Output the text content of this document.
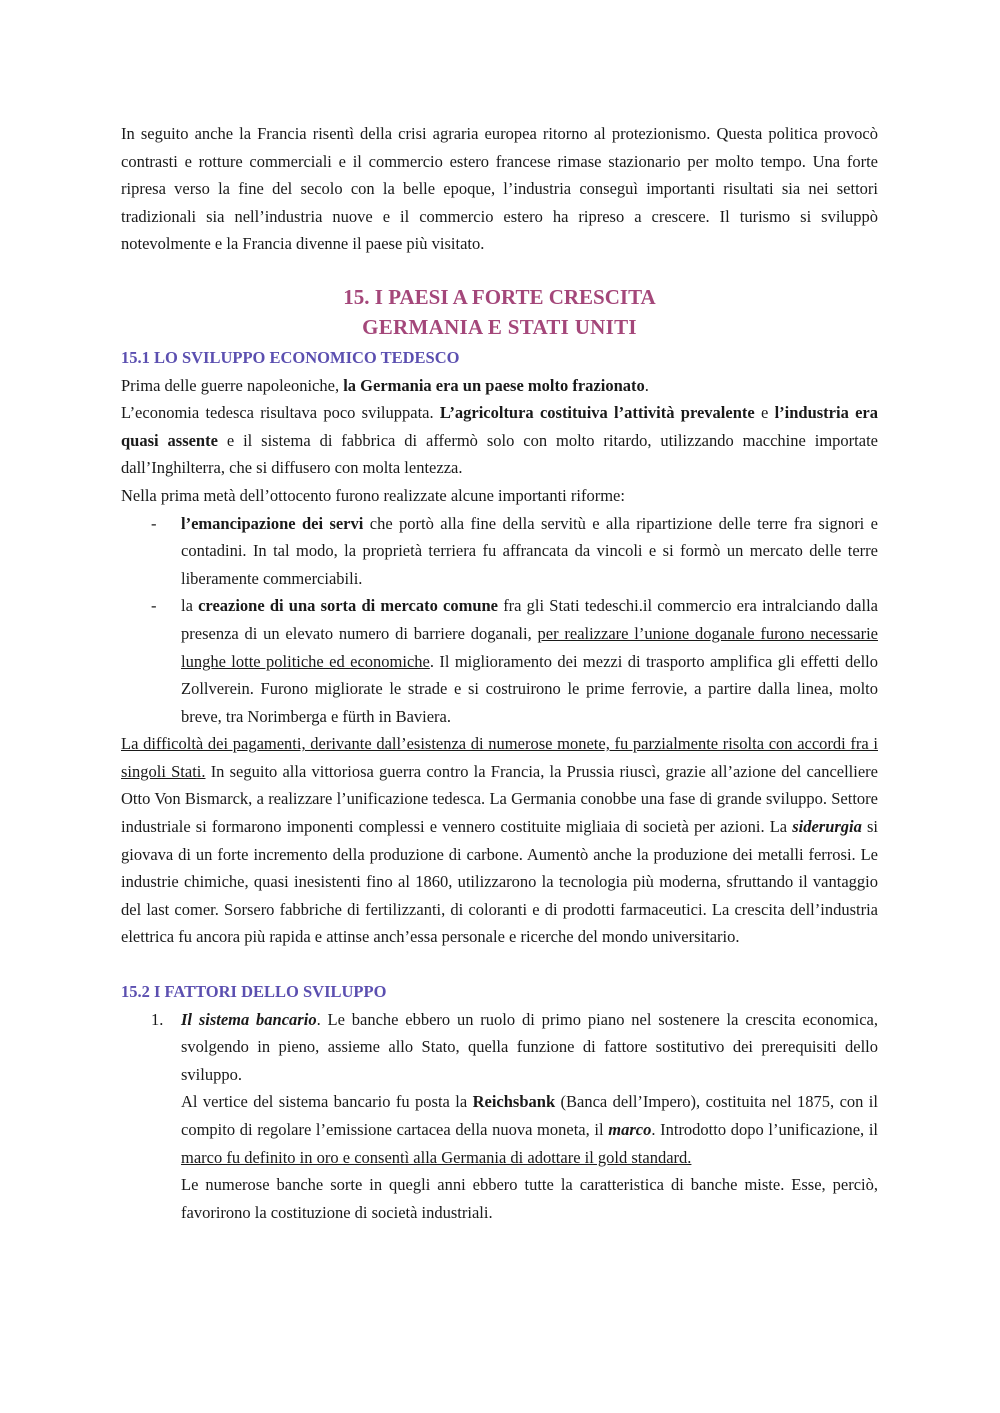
In seguito anche la Francia risentì della crisi agraria europea ritorno al protezionismo. Questa politica provocò contrasti e rotture commerciali e il commercio estero francese rimase stazionario per molto tempo. Una forte ripresa verso la fine del secolo con la belle epoque, l’industria conseguì importanti risultati sia nei settori tradizionali sia nell’industria nuove e il commercio estero ha ripreso a crescere. Il turismo si sviluppò notevolmente e la Francia divenne il paese più visitato.

15. I PAESI A FORTE CRESCITA
GERMANIA E STATI UNITI
15.1 LO SVILUPPO ECONOMICO TEDESCO

Prima delle guerre napoleoniche, la Germania era un paese molto frazionato.

L’economia tedesca risultava poco sviluppata. L’agricoltura costituiva l’attività prevalente e l’industria era quasi assente e il sistema di fabbrica di affermò solo con molto ritardo, utilizzando macchine importate dall’Inghilterra, che si diffusero con molta lentezza.

Nella prima metà dell’ottocento furono realizzate alcune importanti riforme:

- l’emancipazione dei servi che portò alla fine della servitù e alla ripartizione delle terre fra signori e contadini. In tal modo, la proprietà terriera fu affrancata da vincoli e si formò un mercato delle terre liberamente commerciabili.

- la creazione di una sorta di mercato comune fra gli Stati tedeschi.il commercio era intralciando dalla presenza di un elevato numero di barriere doganali, per realizzare l’unione doganale furono necessarie lunghe lotte politiche ed economiche. Il miglioramento dei mezzi di trasporto amplifica gli effetti dello Zollverein. Furono migliorate le strade e si costruirono le prime ferrovie, a partire dalla linea, molto breve, tra Norimberga e fürth in Baviera.

La difficoltà dei pagamenti, derivante dall’esistenza di numerose monete, fu parzialmente risolta con accordi fra i singoli Stati. In seguito alla vittoriosa guerra contro la Francia, la Prussia riuscì, grazie all’azione del cancelliere Otto Von Bismarck, a realizzare l’unificazione tedesca. La Germania conobbe una fase di grande sviluppo. Settore industriale si formarono imponenti complessi e vennero costituite migliaia di società per azioni. La siderurgia si giovava di un forte incremento della produzione di carbone. Aumentò anche la produzione dei metalli ferrosi. Le industrie chimiche, quasi inesistenti fino al 1860, utilizzarono la tecnologia più moderna, sfruttando il vantaggio del last comer. Sorsero fabbriche di fertilizzanti, di coloranti e di prodotti farmaceutici. La crescita dell’industria elettrica fu ancora più rapida e attinse anch’essa personale e ricerche del mondo universitario.

15.2 I FATTORI DELLO SVILUPPO
1. Il sistema bancario. Le banche ebbero un ruolo di primo piano nel sostenere la crescita economica, svolgendo in pieno, assieme allo Stato, quella funzione di fattore sostitutivo dei prerequisiti dello sviluppo.

Al vertice del sistema bancario fu posta la Reichsbank (Banca dell’Impero), costituita nel 1875, con il compito di regolare l’emissione cartacea della nuova moneta, il marco. Introdotto dopo l’unificazione, il marco fu definito in oro e consentì alla Germania di adottare il gold standard.

Le numerose banche sorte in quegli anni ebbero tutte la caratteristica di banche miste. Esse, perciò, favorirono la costituzione di società industriali.
